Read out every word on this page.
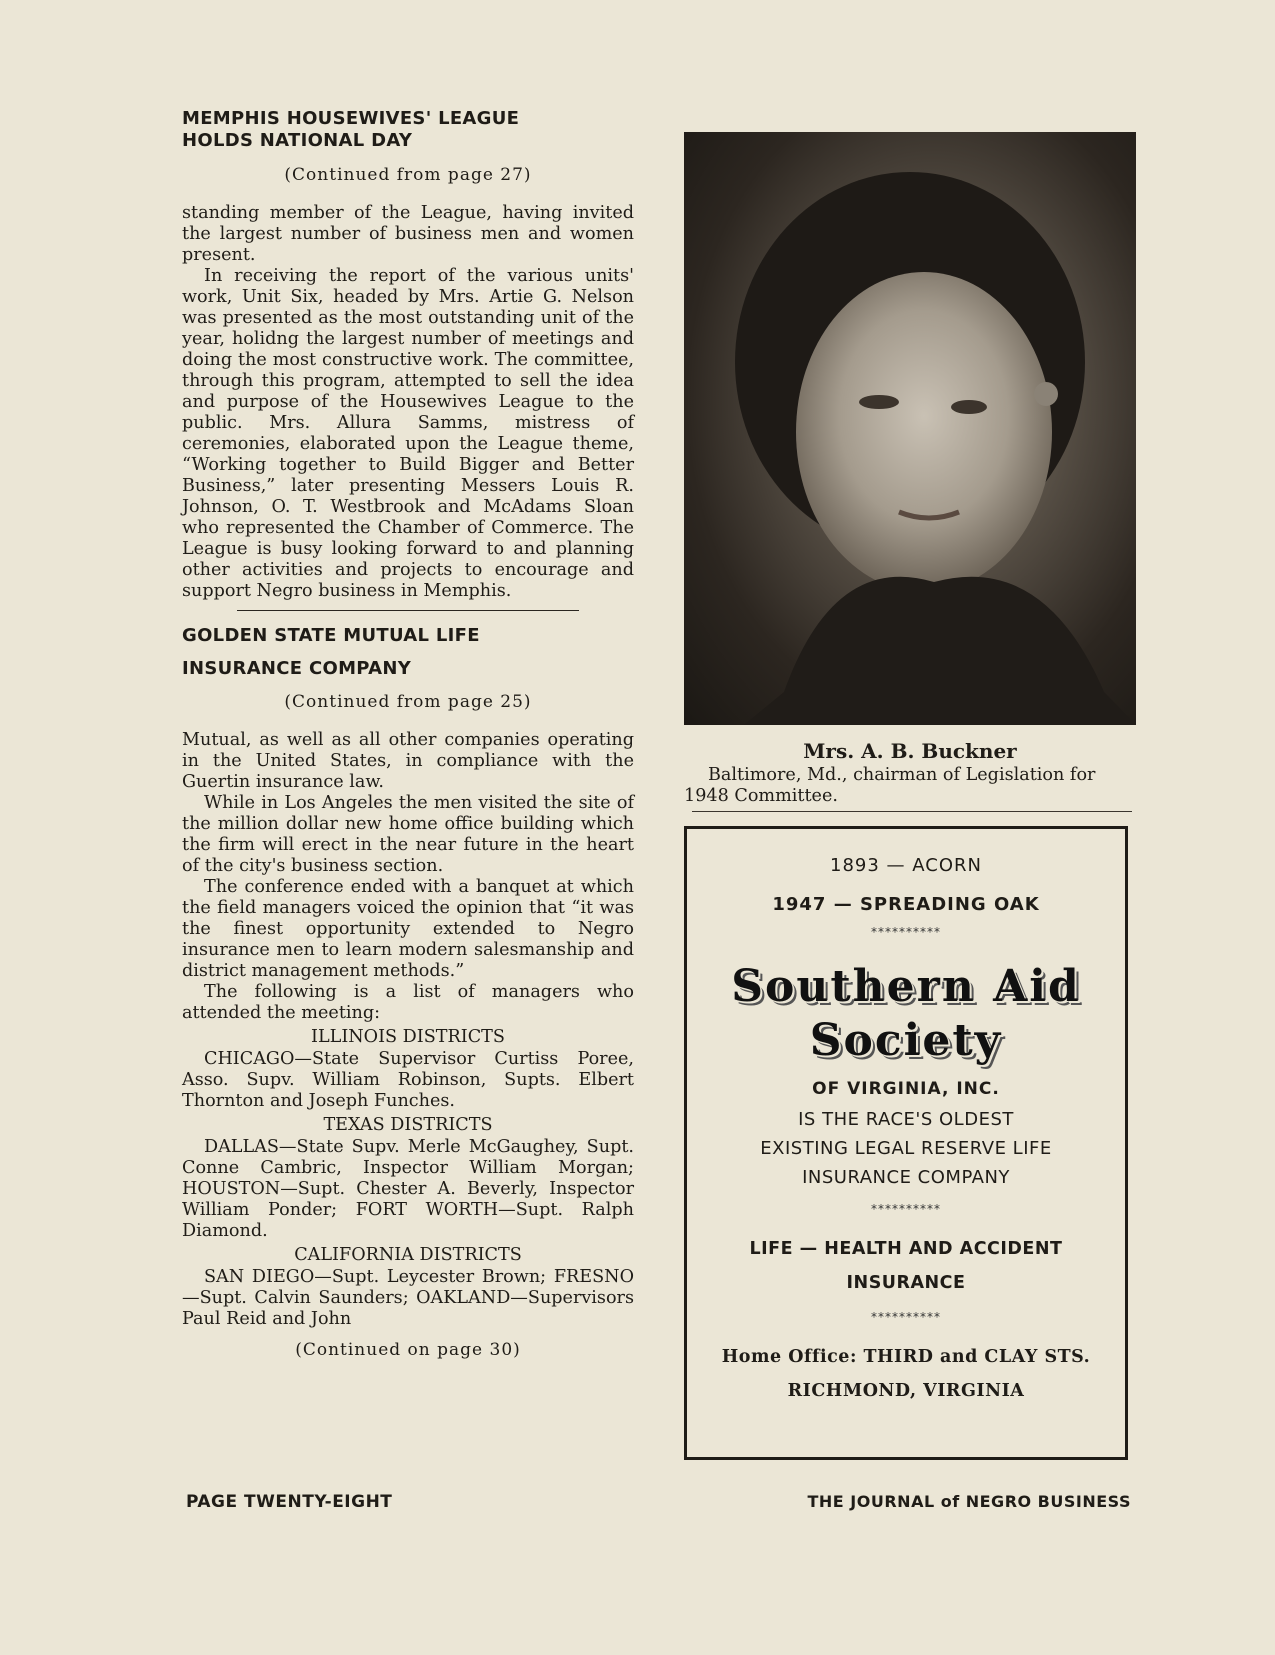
MEMPHIS HOUSEWIVES' LEAGUE
HOLDS NATIONAL DAY
(Continued from page 27)

standing member of the League, having invited the largest number of business men and women present.

In receiving the report of the various units' work, Unit Six, headed by Mrs. Artie G. Nelson was presented as the most outstanding unit of the year, holidng the largest number of meetings and doing the most constructive work. The committee, through this program, attempted to sell the idea and purpose of the Housewives League to the public. Mrs. Allura Samms, mistress of ceremonies, elaborated upon the League theme, “Working together to Build Bigger and Better Business,” later presenting Messers Louis R. Johnson, O. T. Westbrook and McAdams Sloan who represented the Chamber of Commerce. The League is busy looking forward to and planning other activities and projects to encourage and support Negro business in Memphis.

GOLDEN STATE MUTUAL LIFE
INSURANCE COMPANY
(Continued from page 25)

Mutual, as well as all other companies operating in the United States, in compliance with the Guertin insurance law.

While in Los Angeles the men visited the site of the million dollar new home office building which the firm will erect in the near future in the heart of the city's business section.

The conference ended with a banquet at which the field managers voiced the opinion that “it was the finest opportunity extended to Negro insurance men to learn modern salesmanship and district management methods.”

The following is a list of managers who attended the meeting:

ILLINOIS DISTRICTS

CHICAGO—State Supervisor Curtiss Poree, Asso. Supv. William Robinson, Supts. Elbert Thornton and Joseph Funches.

TEXAS DISTRICTS

DALLAS—State Supv. Merle McGaughey, Supt. Conne Cambric, Inspector William Morgan; HOUSTON—Supt. Chester A. Beverly, Inspector William Ponder; FORT WORTH—Supt. Ralph Diamond.

CALIFORNIA DISTRICTS

SAN DIEGO—Supt. Leycester Brown; FRESNO—Supt. Calvin Saunders; OAKLAND—Supervisors Paul Reid and John

(Continued on page 30)
PAGE TWENTY-EIGHT
Mrs. A. B. Buckner

Baltimore, Md., chairman of Legislation for 1948 Committee.

1893 — ACORN

1947 — SPREADING OAK

**********

Southern Aid

Society

OF VIRGINIA, INC.

IS THE RACE'S OLDEST

EXISTING LEGAL RESERVE LIFE

INSURANCE COMPANY

**********

LIFE — HEALTH AND ACCIDENT

INSURANCE

**********

Home Office: THIRD and CLAY STS.

RICHMOND, VIRGINIA

THE JOURNAL of NEGRO BUSINESS
